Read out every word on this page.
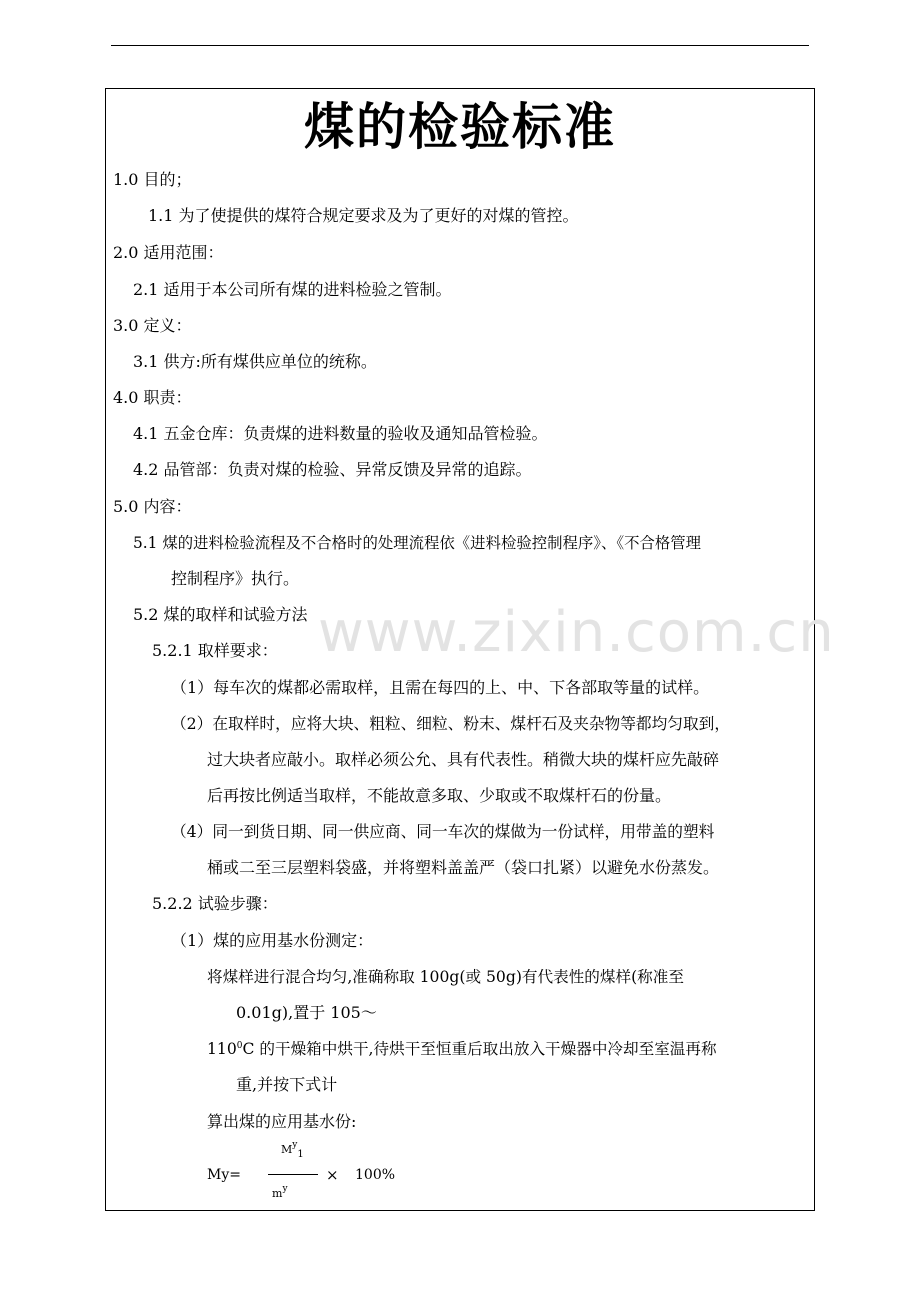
www.zixin.com.cn
煤的检验标准
1.0 目的；
1.1 为了使提供的煤符合规定要求及为了更好的对煤的管控。
2.0 适用范围：
2.1 适用于本公司所有煤的进料检验之管制。
3.0 定义：
3.1 供方:所有煤供应单位的统称。
4.0 职责：
4.1 五金仓库：负责煤的进料数量的验收及通知品管检验。
4.2 品管部：负责对煤的检验、异常反馈及异常的追踪。
5.0 内容：
5.1 煤的进料检验流程及不合格时的处理流程依《进料检验控制程序》、《不合格管理
控制程序》执行。
5.2 煤的取样和试验方法
5.2.1 取样要求：
（1）每车次的煤都必需取样，且需在每四的上、中、下各部取等量的试样。
（2）在取样时，应将大块、粗粒、细粒、粉末、煤杆石及夹杂物等都均匀取到，
过大块者应敲小。取样必须公允、具有代表性。稍微大块的煤杆应先敲碎
后再按比例适当取样，不能故意多取、少取或不取煤杆石的份量。
（4）同一到货日期、同一供应商、同一车次的煤做为一份试样，用带盖的塑料
桶或二至三层塑料袋盛，并将塑料盖盖严（袋口扎紧）以避免水份蒸发。
5.2.2 试验步骤：
（1）煤的应用基水份测定：
将煤样进行混合均匀,准确称取 100g(或 50g)有代表性的煤样(称准至
0.01g),置于 105～
$110^0C$ 的干燥箱中烘干,待烘干至恒重后取出放入干燥器中冷却至室温再称
重,并按下式计
算出煤的应用基水份:
$M^y1$
My=	× 100%
$m^y$
